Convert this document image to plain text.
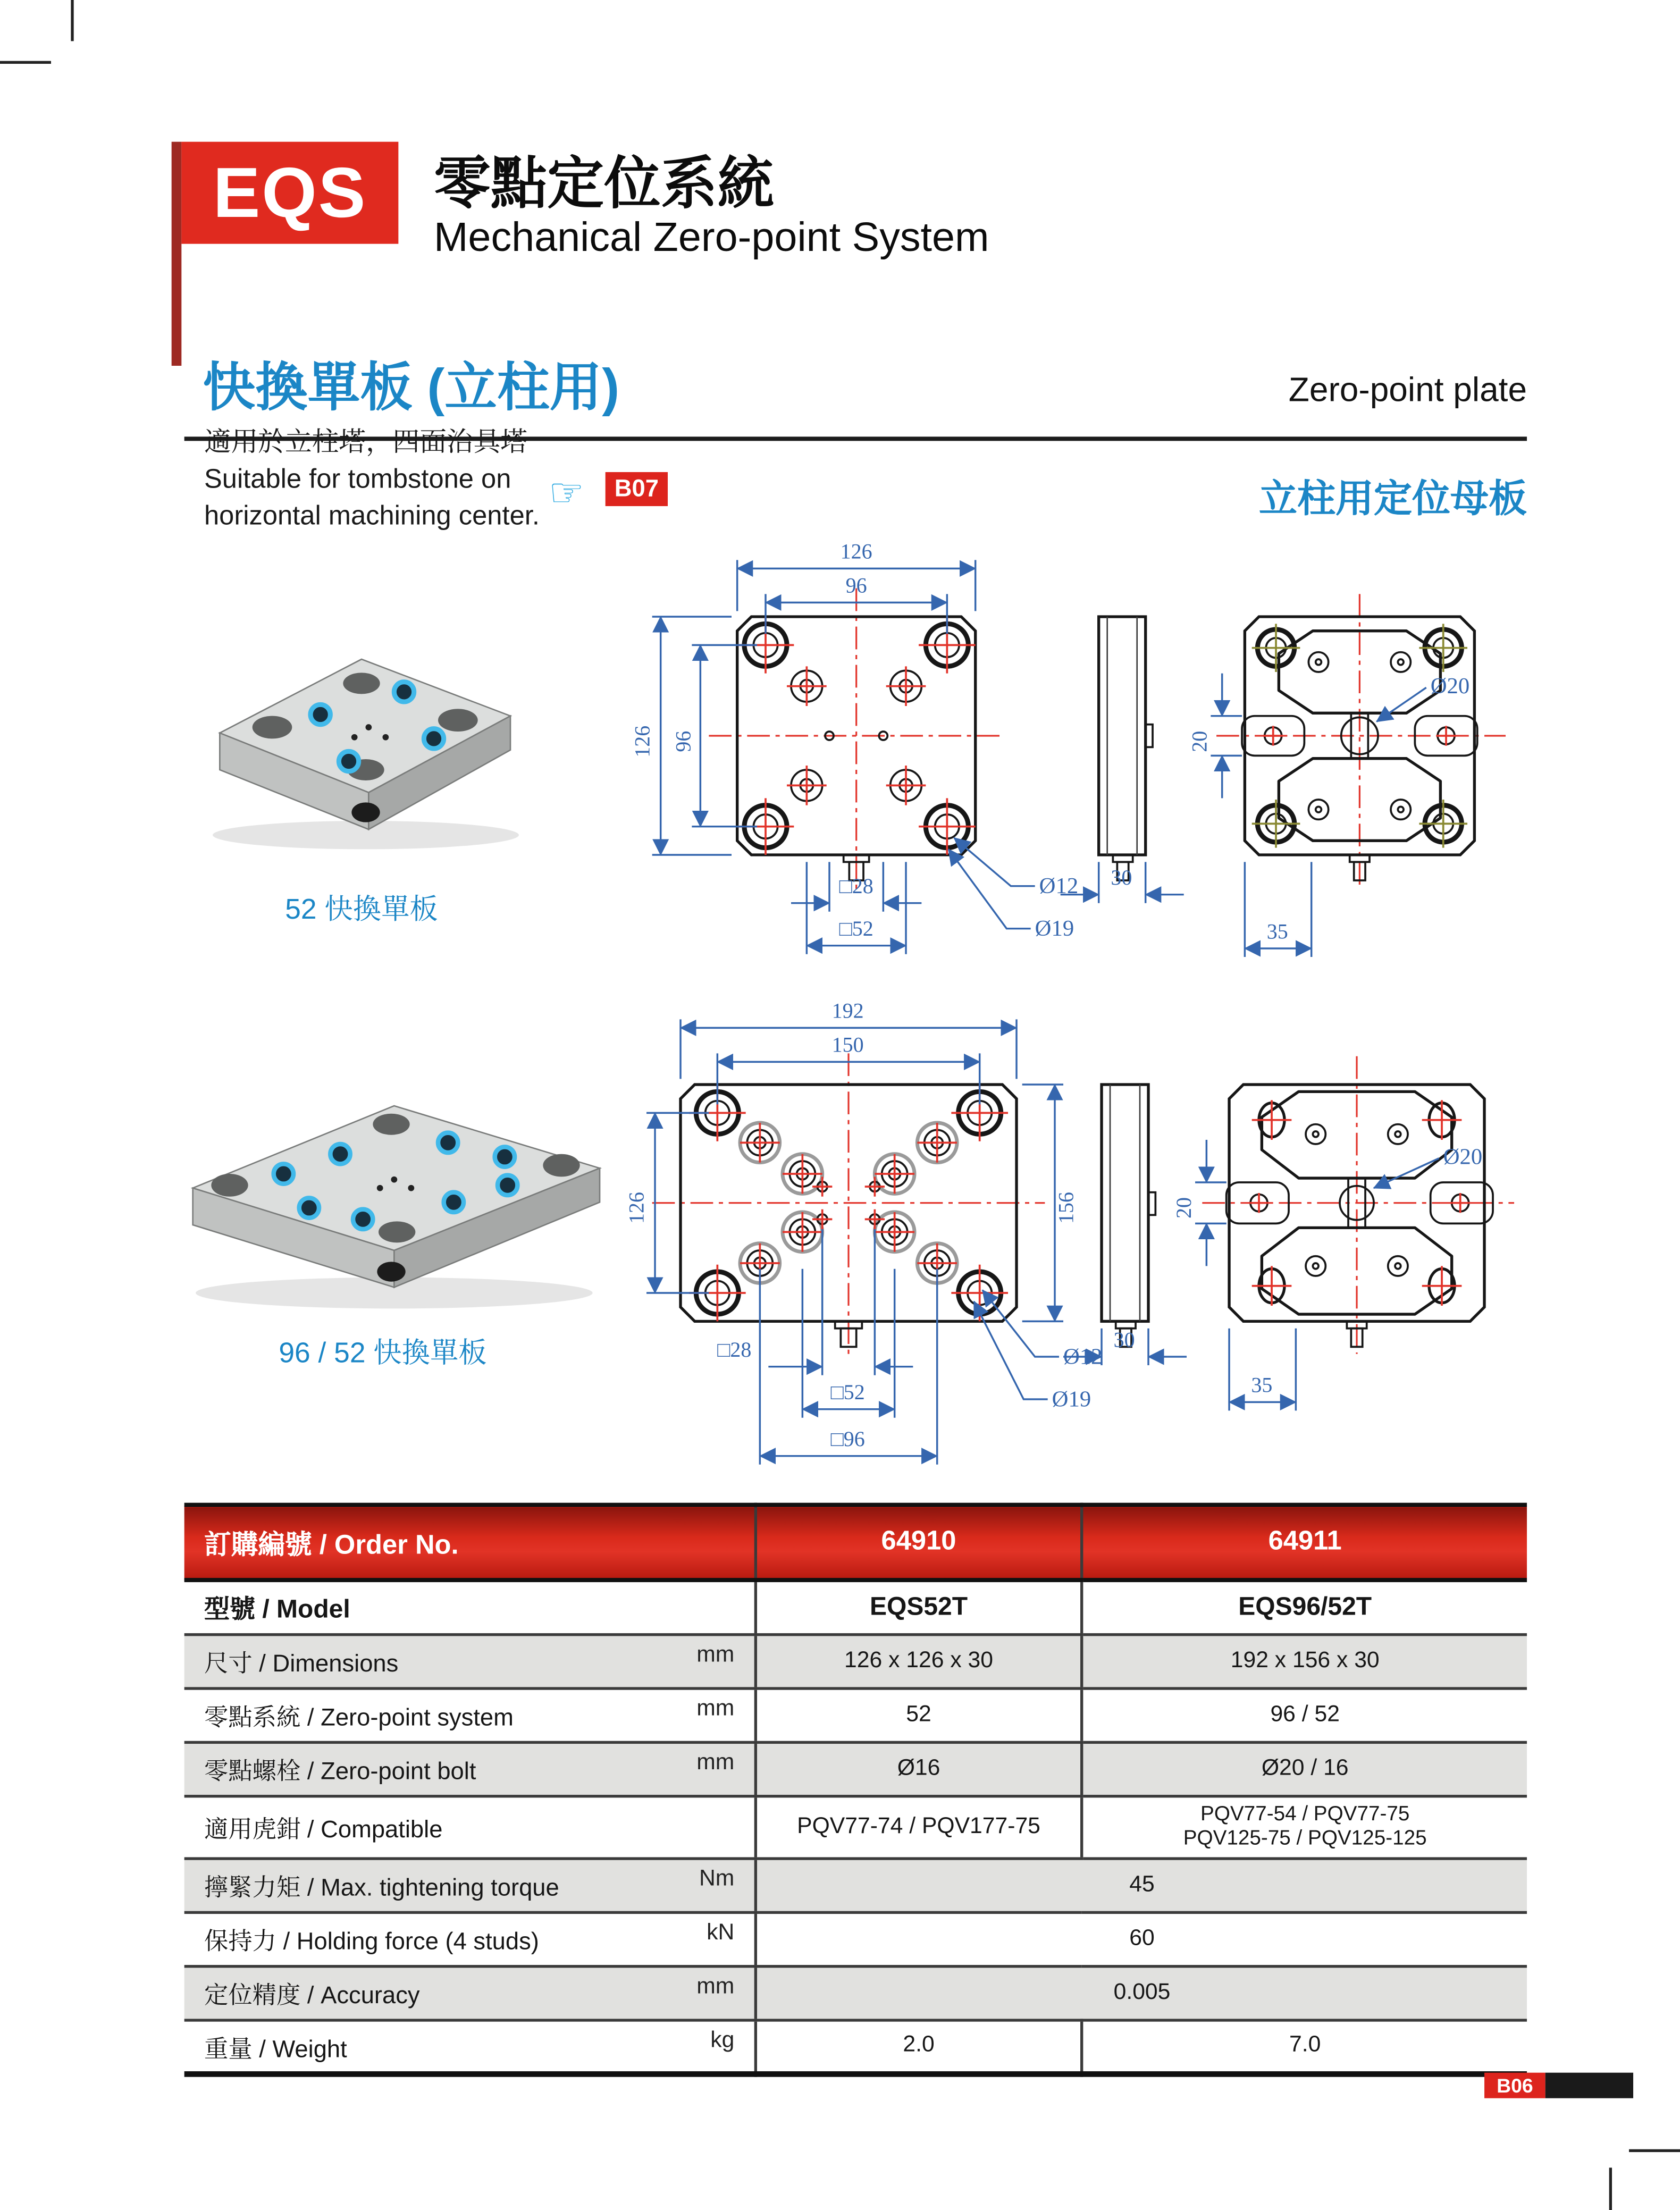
EQS	零點定位系統
Mechanical Zero-point System
快換單板 (立柱用)	Zero-point plate
適用於立柱塔，四面治具塔
Suitable for tombstone on
horizontal machining center.
☞	B07	立柱用定位母板
52 快換單板
96 / 52 快換單板
126
96
126 96
□28
□52
Ø12
Ø19
30
Ø20
20
35
192
150
126	156
□28
□52
□96
Ø12
Ø19
30
Ø20
20
35
訂購編號 / Order No.	64910	64911
型號 / Model	EQS52T	EQS96/52T
尺寸 / Dimensions mm	126 x 126 x 30	192 x 156 x 30
零點系統 / Zero-point system mm	52	96 / 52
零點螺栓 / Zero-point bolt mm	Ø16	Ø20 / 16
適用虎鉗 / Compatible	PQV77-74 / PQV177-75	PQV77-54 / PQV77-75
PQV125-75 / PQV125-125

擰緊力矩 / Max. tightening torque Nm	45	
保持力 / Holding force (4 studs) kN	60	
定位精度 / Accuracy mm	0.005	
重量 / Weight kg	2.0	7.0
B06
